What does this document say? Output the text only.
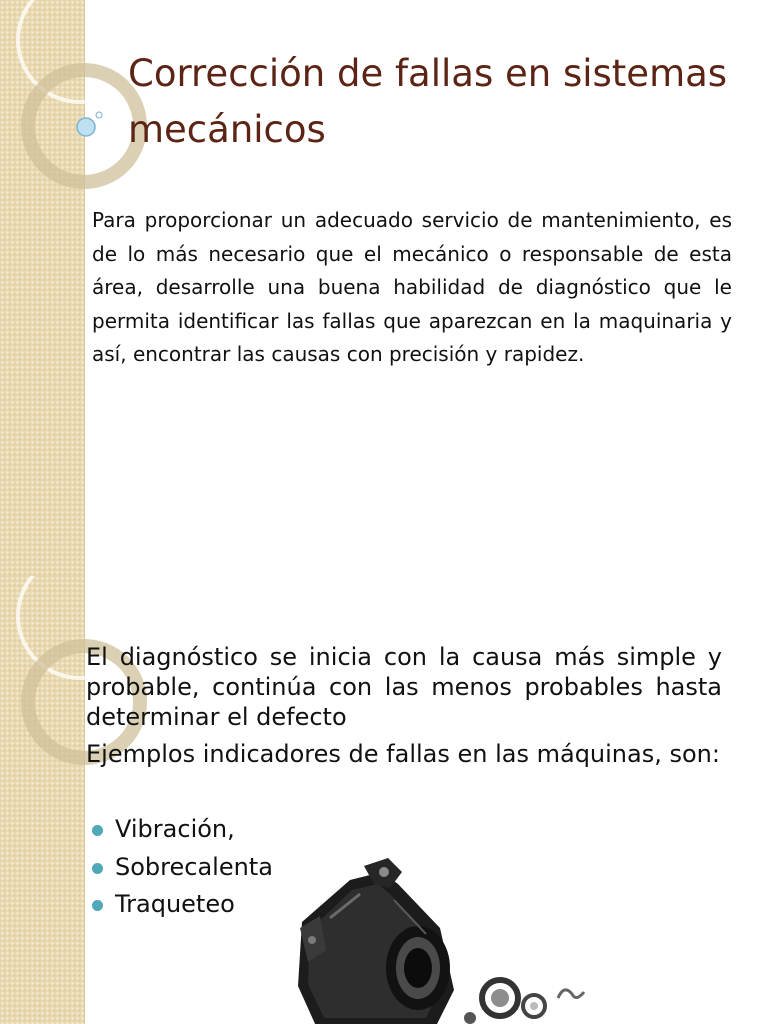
Corrección de fallas en sistemas mecánicos

Para proporcionar un adecuado servicio de mantenimiento, es de lo más necesario que el mecánico o responsable de esta área, desarrolle una buena habilidad de diagnóstico que le permita identificar las fallas que aparezcan en la maquinaria y así, encontrar las causas con precisión y rapidez.

El diagnóstico se inicia con la causa más simple y probable, continúa con las menos probables hasta determinar el defecto

Ejemplos indicadores de fallas en las máquinas, son:

Vibración,
Sobrecalenta
Traqueteo
